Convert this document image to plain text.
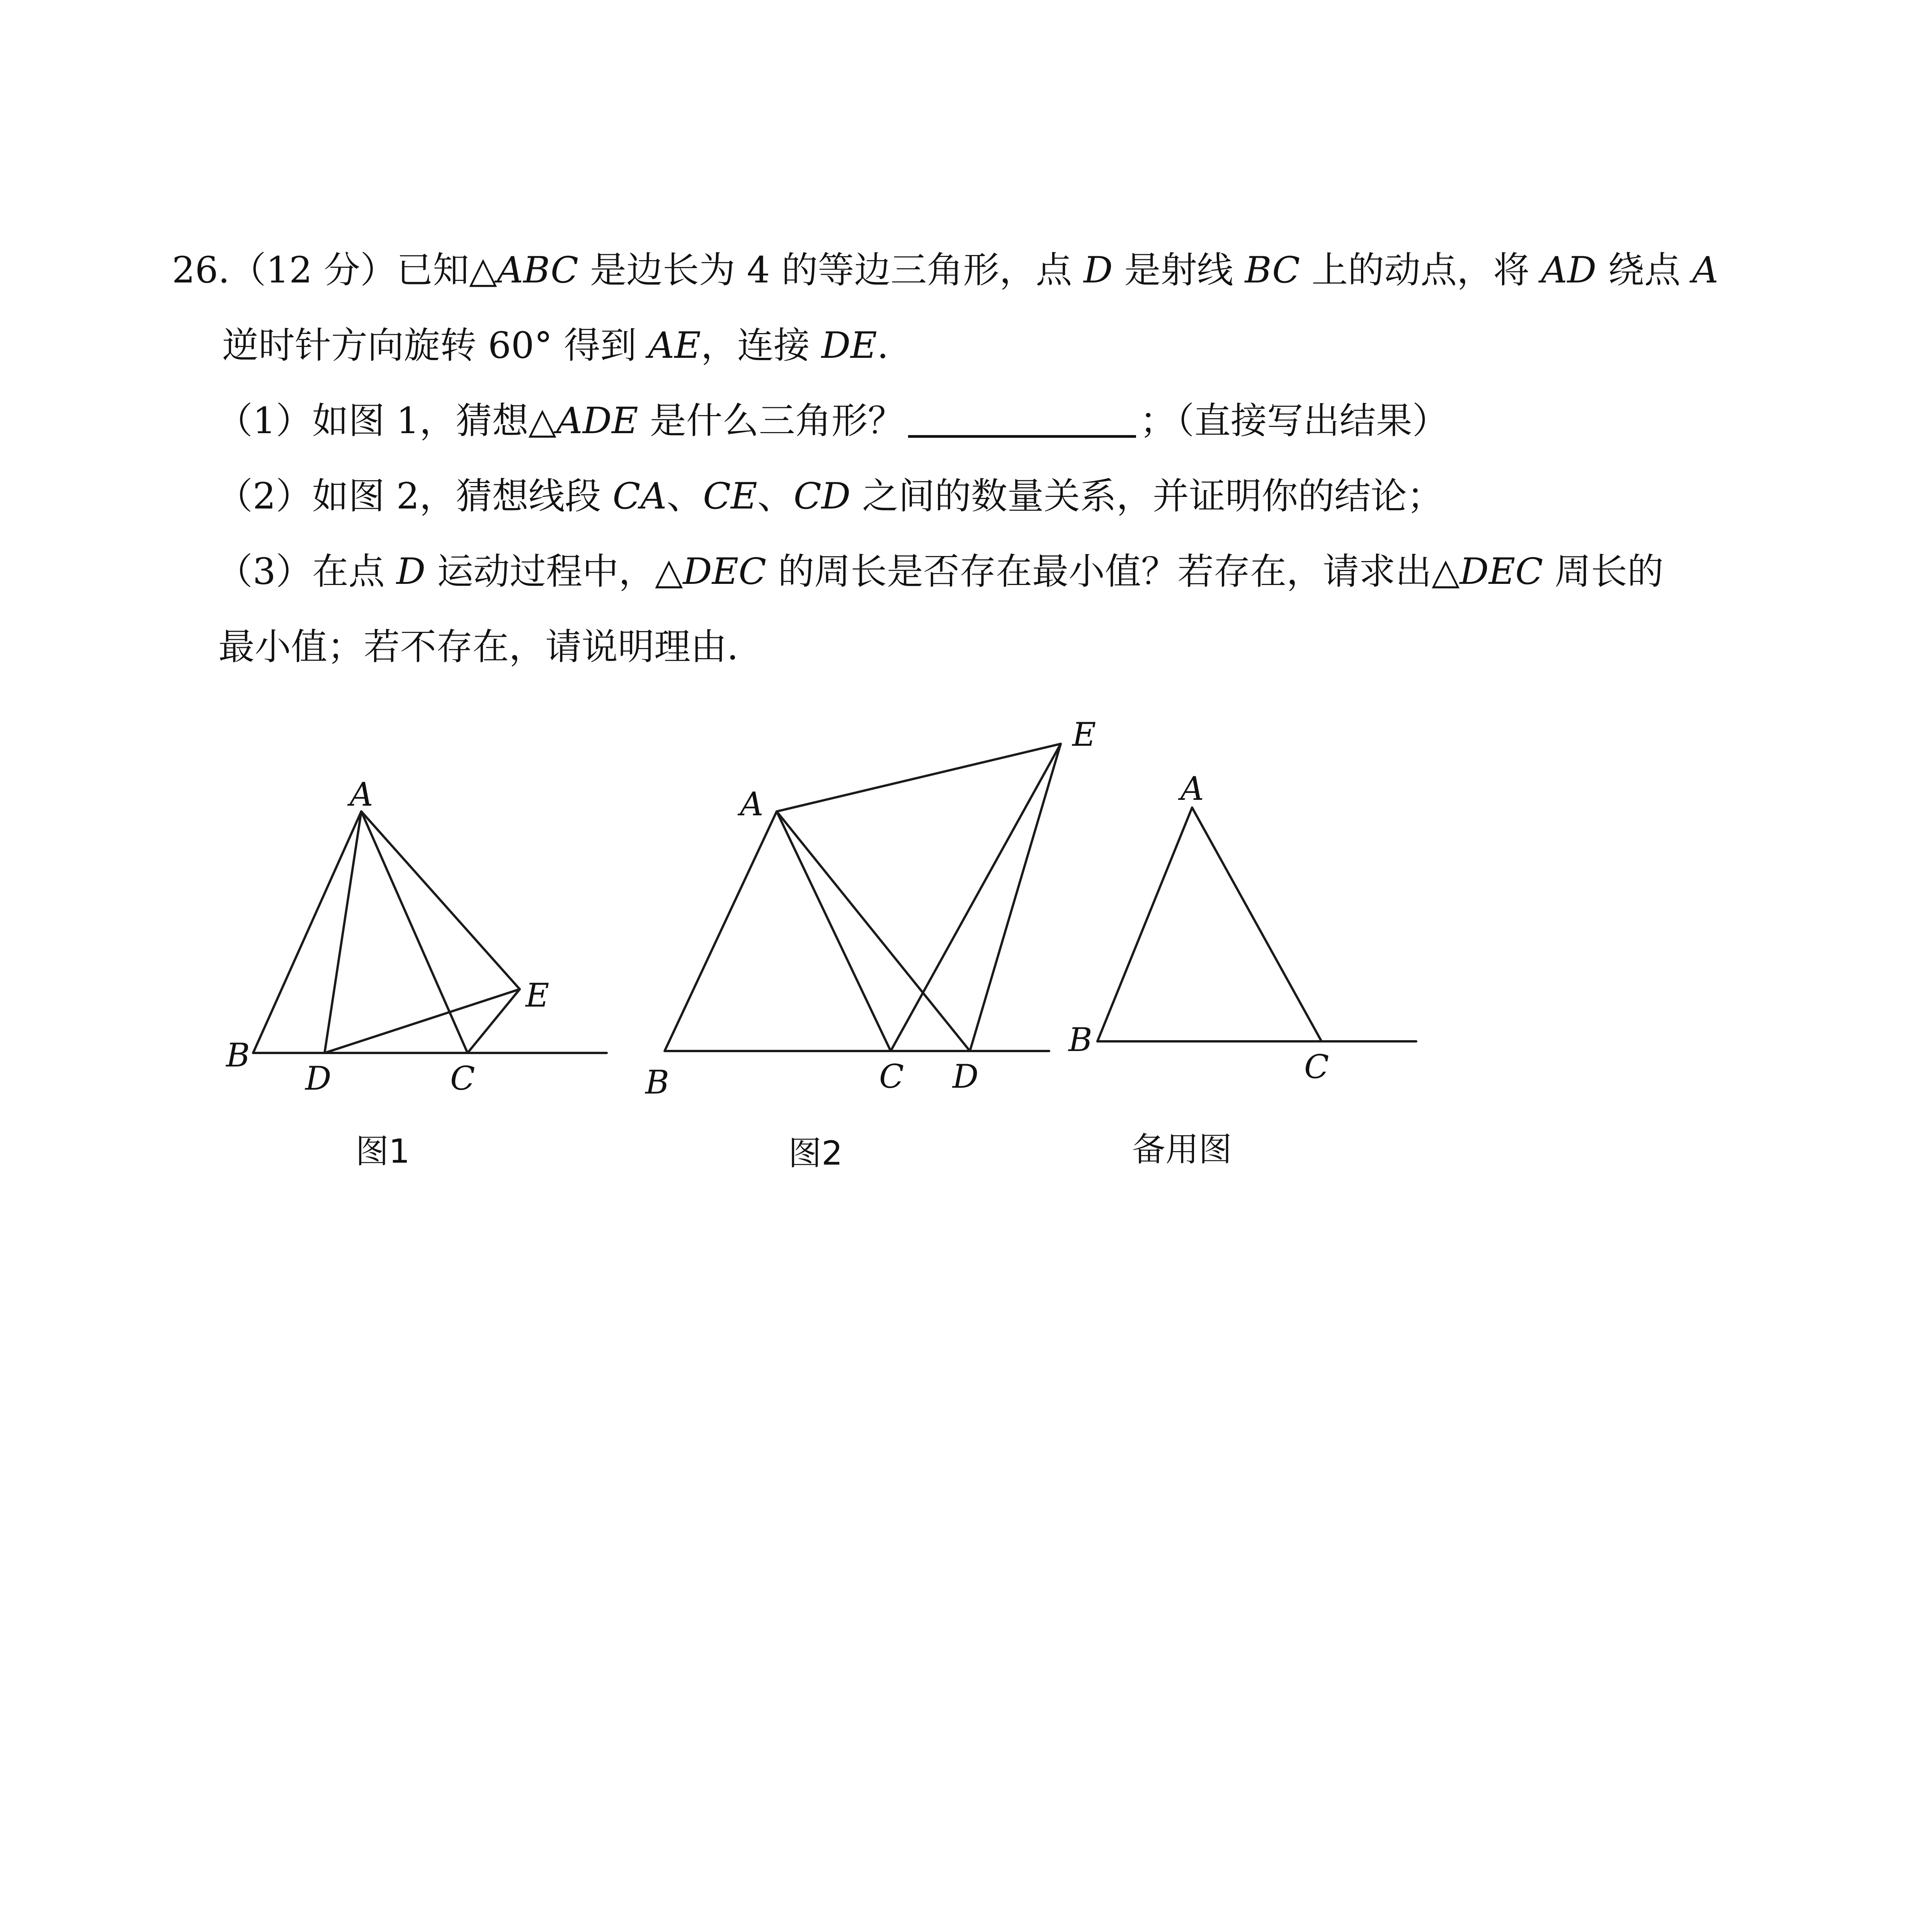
26.（12 分）已知△ABC 是边长为 4 的等边三角形，点 D 是射线 BC 上的动点，将 AD 绕点 A
逆时针方向旋转 60° 得到 AE，连接 DE.
（1）如图 1，猜想△ADE 是什么三角形？	；（直接写出结果）
（2）如图 2，猜想线段 CA、CE、CD 之间的数量关系，并证明你的结论；
（3）在点 D 运动过程中，△DEC 的周长是否存在最小值？若存在，请求出△DEC 周长的
最小值；若不存在，请说明理由.
A
B
D	C
E
A
B	C D
E
A
B
C
图1	图2	备用图
